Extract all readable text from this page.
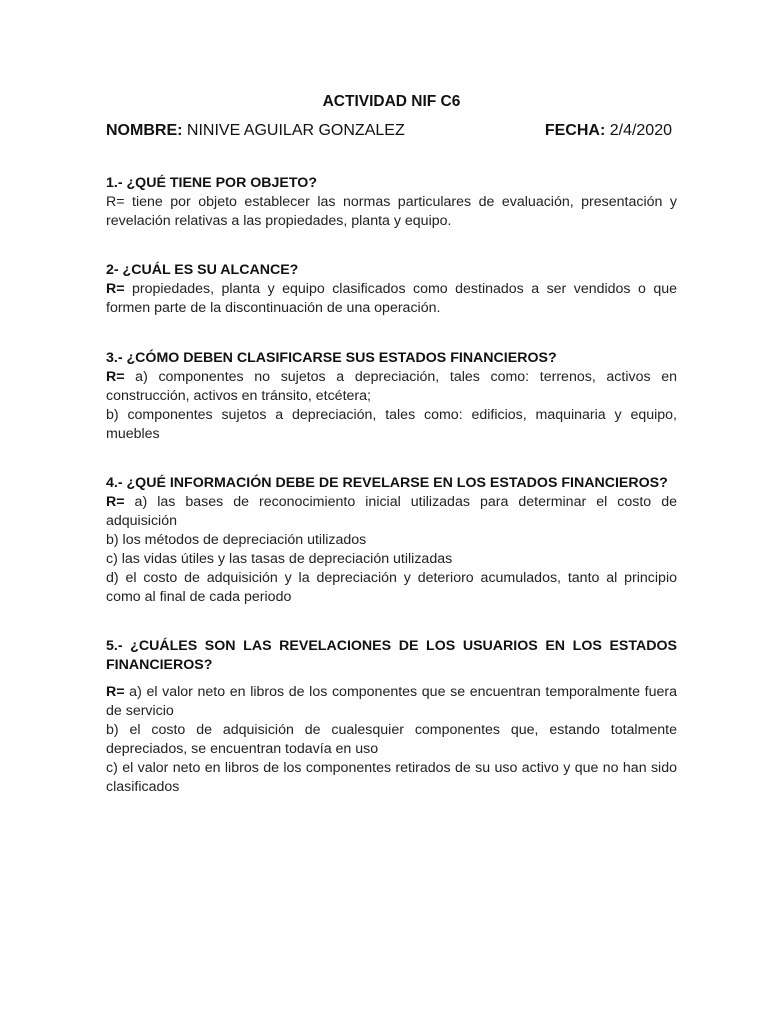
ACTIVIDAD NIF C6
NOMBRE: NINIVE AGUILAR GONZALEZ	FECHA: 2/4/2020

1.- ¿QUÉ TIENE POR OBJETO?

R= tiene por objeto establecer las normas particulares de evaluación, presentación y revelación relativas a las propiedades, planta y equipo.

2- ¿CUÁL ES SU ALCANCE?

R= propiedades, planta y equipo clasificados como destinados a ser vendidos o que formen parte de la discontinuación de una operación.

3.- ¿CÓMO DEBEN CLASIFICARSE SUS ESTADOS FINANCIEROS?

R= a) componentes no sujetos a depreciación, tales como: terrenos, activos en construcción, activos en tránsito, etcétera;

b) componentes sujetos a depreciación, tales como: edificios, maquinaria y equipo, muebles

4.- ¿QUÉ INFORMACIÓN DEBE DE REVELARSE EN LOS ESTADOS FINANCIEROS?

R= a) las bases de reconocimiento inicial utilizadas para determinar el costo de adquisición

b) los métodos de depreciación utilizados

c) las vidas útiles y las tasas de depreciación utilizadas

d) el costo de adquisición y la depreciación y deterioro acumulados, tanto al principio como al final de cada periodo

5.- ¿CUÁLES SON LAS REVELACIONES DE LOS USUARIOS EN LOS ESTADOS FINANCIEROS?

R= a) el valor neto en libros de los componentes que se encuentran temporalmente fuera de servicio

b) el costo de adquisición de cualesquier componentes que, estando totalmente depreciados, se encuentran todavía en uso

c) el valor neto en libros de los componentes retirados de su uso activo y que no han sido clasificados
